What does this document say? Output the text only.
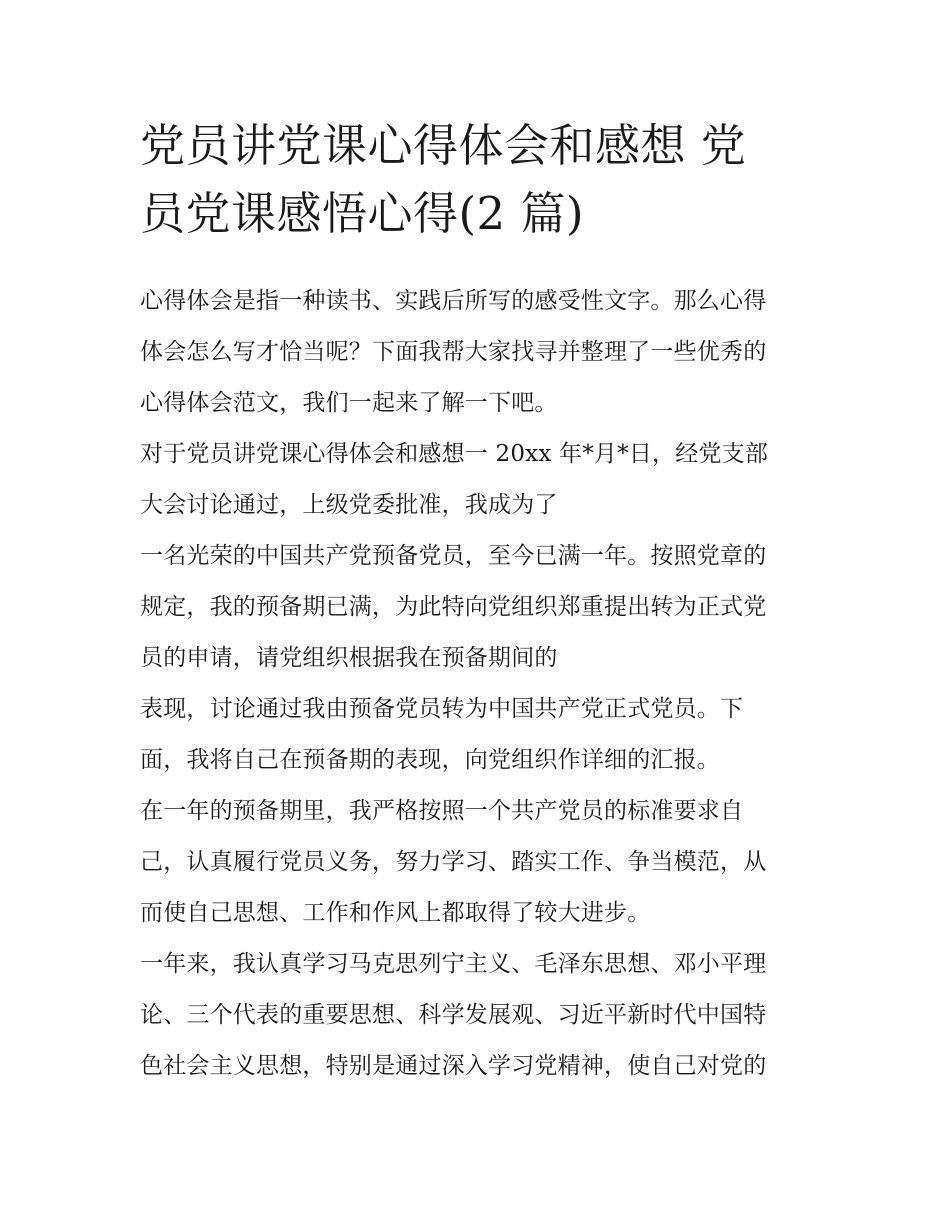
党员讲党课心得体会和感想 党
员党课感悟心得(2 篇)
心得体会是指一种读书、实践后所写的感受性文字。那么心得
体会怎么写才恰当呢？下面我帮大家找寻并整理了一些优秀的
心得体会范文，我们一起来了解一下吧。
对于党员讲党课心得体会和感想一 20xx 年*月*日，经党支部
大会讨论通过，上级党委批准，我成为了
一名光荣的中国共产党预备党员，至今已满一年。按照党章的
规定，我的预备期已满，为此特向党组织郑重提出转为正式党
员的申请，请党组织根据我在预备期间的
表现，讨论通过我由预备党员转为中国共产党正式党员。下
面，我将自己在预备期的表现，向党组织作详细的汇报。
在一年的预备期里，我严格按照一个共产党员的标准要求自
己，认真履行党员义务，努力学习、踏实工作、争当模范，从
而使自己思想、工作和作风上都取得了较大进步。
一年来，我认真学习马克思列宁主义、毛泽东思想、邓小平理
论、三个代表的重要思想、科学发展观、习近平新时代中国特
色社会主义思想，特别是通过深入学习党精神，使自己对党的
